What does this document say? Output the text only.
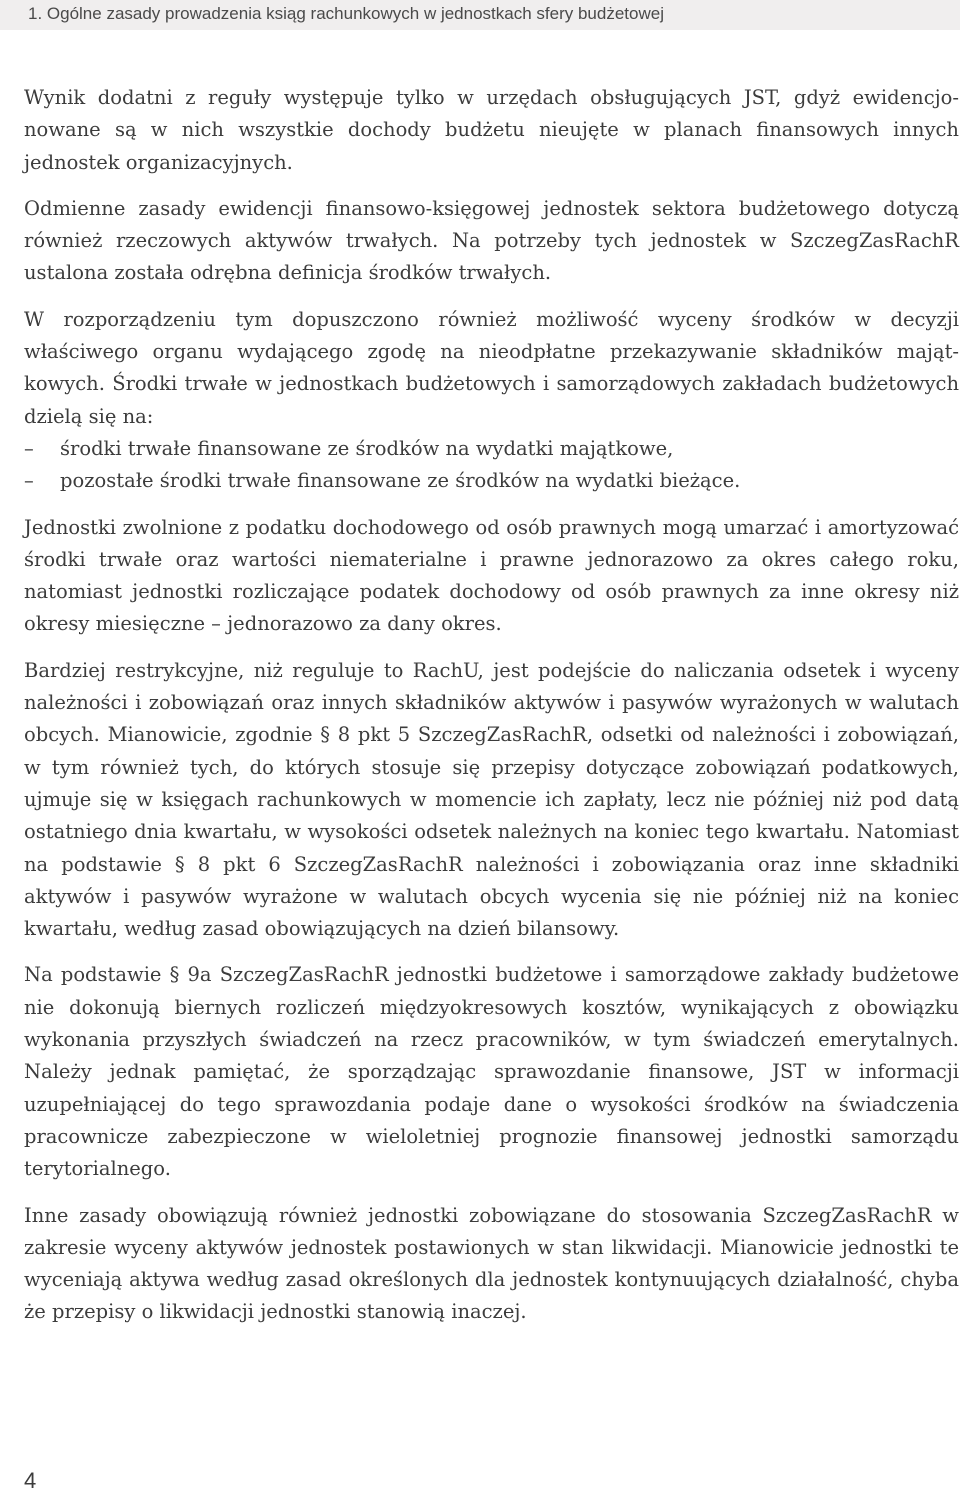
1. Ogólne zasady prowadzenia ksiąg rachunkowych w jednostkach sfery budżetowej

Wynik dodatni z reguły występuje tylko w urzędach obsługujących JST, gdyż ewidencjonowane są w nich wszystkie dochody budżetu nieujęte w planach finansowych innych jednostek organizacyjnych.

Odmienne zasady ewidencji finansowo-księgowej jednostek sektora budżetowego dotyczą również rzeczowych aktywów trwałych. Na potrzeby tych jednostek w SzczegZasRachR ustalona została odrębna definicja środków trwałych.

W rozporządzeniu tym dopuszczono również możliwość wyceny środków w decyzji właściwego organu wydającego zgodę na nieodpłatne przekazywanie składników majątkowych. Środki trwałe w jednostkach budżetowych i samorządowych zakładach budżetowych dzielą się na:

–	środki trwałe finansowane ze środków na wydatki majątkowe,
–	pozostałe środki trwałe finansowane ze środków na wydatki bieżące.

Jednostki zwolnione z podatku dochodowego od osób prawnych mogą umarzać i amortyzować środki trwałe oraz wartości niematerialne i prawne jednorazowo za okres całego roku, natomiast jednostki rozliczające podatek dochodowy od osób prawnych za inne okresy niż okresy miesięczne – jednorazowo za dany okres.

Bardziej restrykcyjne, niż reguluje to RachU, jest podejście do naliczania odsetek i wyceny należności i zobowiązań oraz innych składników aktywów i pasywów wyrażonych w walutach obcych. Mianowicie, zgodnie § 8 pkt 5 SzczegZasRachR, odsetki od należności i zobowiązań, w tym również tych, do których stosuje się przepisy dotyczące zobowiązań podatkowych, ujmuje się w księgach rachunkowych w momencie ich zapłaty, lecz nie później niż pod datą ostatniego dnia kwartału, w wysokości odsetek należnych na koniec tego kwartału. Natomiast na podstawie § 8 pkt 6 SzczegZasRachR należności i zobowiązania oraz inne składniki aktywów i pasywów wyrażone w walutach obcych wycenia się nie później niż na koniec kwartału, według zasad obowiązujących na dzień bilansowy.

Na podstawie § 9a SzczegZasRachR jednostki budżetowe i samorządowe zakłady budżetowe nie dokonują biernych rozliczeń międzyokresowych kosztów, wynikających z obowiązku wykonania przyszłych świadczeń na rzecz pracowników, w tym świadczeń emerytalnych. Należy jednak pamiętać, że sporządzając sprawozdanie finansowe, JST w informacji uzupełniającej do tego sprawozdania podaje dane o wysokości środków na świadczenia pracownicze zabezpieczone w wieloletniej prognozie finansowej jednostki samorządu terytorialnego.

Inne zasady obowiązują również jednostki zobowiązane do stosowania SzczegZasRachR w zakresie wyceny aktywów jednostek postawionych w stan likwidacji. Mianowicie jednostki te wyceniają aktywa według zasad określonych dla jednostek kontynuujących działalność, chyba że przepisy o likwidacji jednostki stanowią inaczej.

4
